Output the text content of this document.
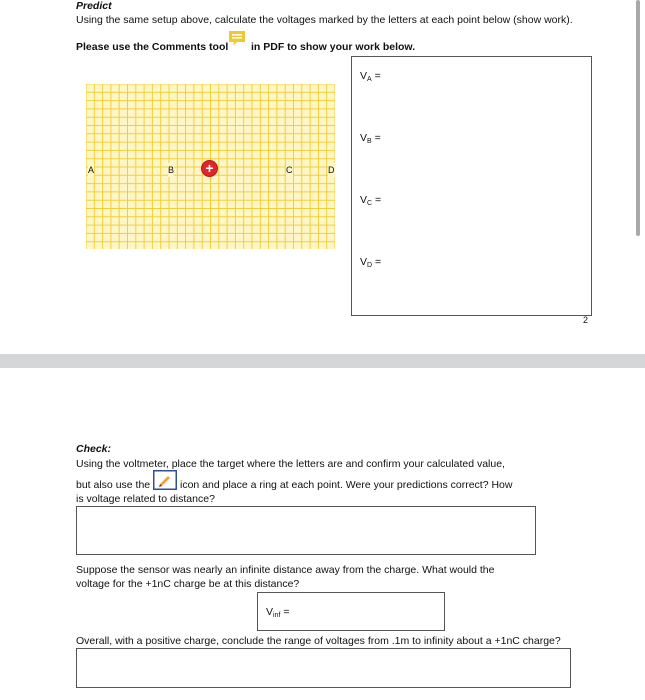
Predict
Using the same setup above, calculate the voltages marked by the letters at each point below (show work).
Please use the Comments tool in PDF to show your work below.
A	B +	C	D
$V_A$ =
$V_B$ =
$V_C$ =
$V_D$ =
2
Check:
Using the voltmeter, place the target where the letters are and confirm your calculated value,
but also use the	icon and place a ring at each point. Were your predictions correct? How
is voltage related to distance?
Suppose the sensor was nearly an infinite distance away from the charge. What would the
voltage for the +1nC charge be at this distance?
$V_{inf}$ =
Overall, with a positive charge, conclude the range of voltages from .1m to infinity about a +1nC charge?
